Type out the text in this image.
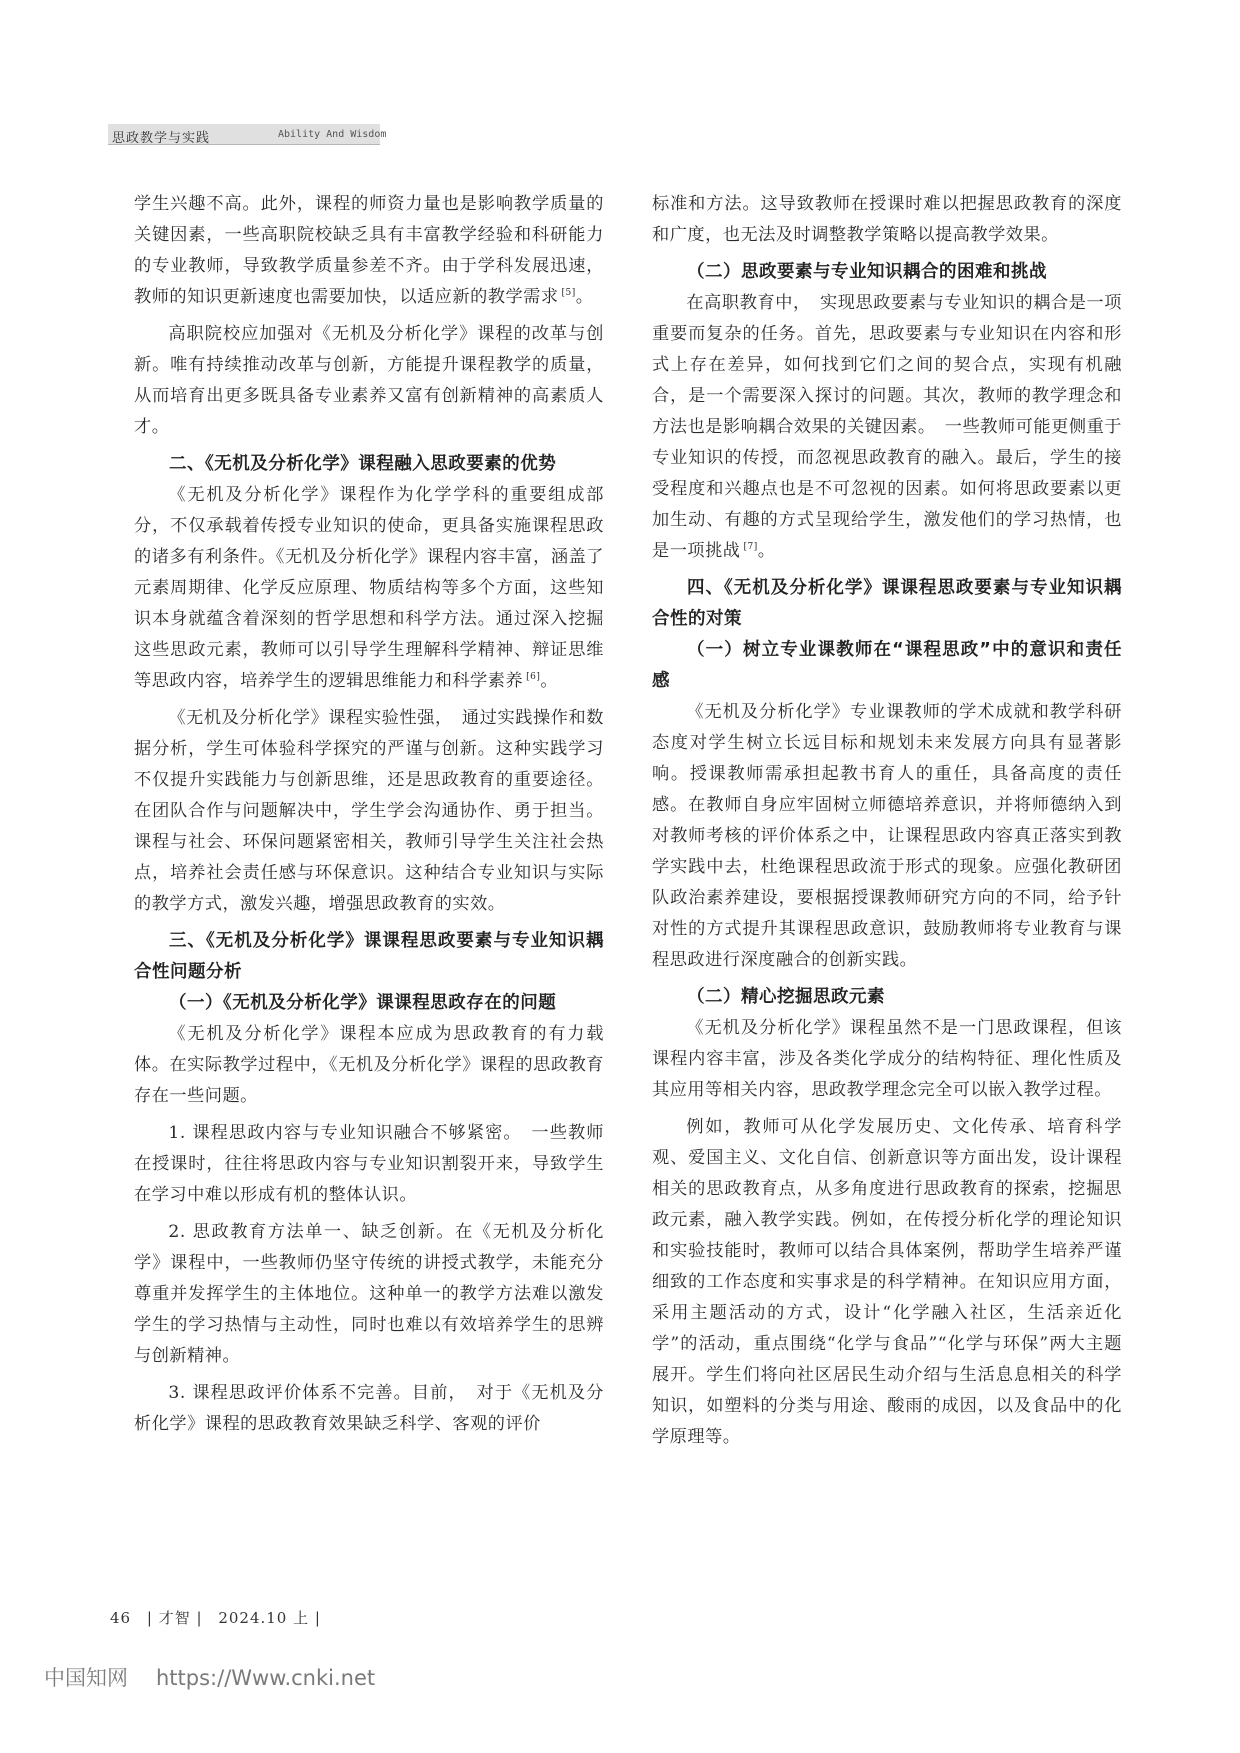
思政教学与实践	Ability And Wisdom

学生兴趣不高。此外，课程的师资力量也是影响教学质量的关键因素，一些高职院校缺乏具有丰富教学经验和科研能力的专业教师，导致教学质量参差不齐。由于学科发展迅速，教师的知识更新速度也需要加快，以适应新的教学需求 [5]。

高职院校应加强对《无机及分析化学》课程的改革与创新。唯有持续推动改革与创新，方能提升课程教学的质量，从而培育出更多既具备专业素养又富有创新精神的高素质人才。

二、《无机及分析化学》课程融入思政要素的优势

《无机及分析化学》课程作为化学学科的重要组成部分，不仅承载着传授专业知识的使命，更具备实施课程思政的诸多有利条件。《无机及分析化学》课程内容丰富，涵盖了元素周期律、化学反应原理、物质结构等多个方面，这些知识本身就蕴含着深刻的哲学思想和科学方法。通过深入挖掘这些思政元素，教师可以引导学生理解科学精神、辩证思维等思政内容，培养学生的逻辑思维能力和科学素养 [6]。

《无机及分析化学》课程实验性强，　通过实践操作和数据分析，学生可体验科学探究的严谨与创新。这种实践学习不仅提升实践能力与创新思维，还是思政教育的重要途径。在团队合作与问题解决中，学生学会沟通协作、勇于担当。课程与社会、环保问题紧密相关，教师引导学生关注社会热点，培养社会责任感与环保意识。这种结合专业知识与实际的教学方式，激发兴趣，增强思政教育的实效。

三、《无机及分析化学》课课程思政要素与专业知识耦合性问题分析
（一）《无机及分析化学》课课程思政存在的问题

《无机及分析化学》课程本应成为思政教育的有力载体。在实际教学过程中，《无机及分析化学》课程的思政教育存在一些问题。

1. 课程思政内容与专业知识融合不够紧密。　一些教师在授课时，往往将思政内容与专业知识割裂开来，导致学生在学习中难以形成有机的整体认识。

2. 思政教育方法单一、缺乏创新。在《无机及分析化学》课程中，一些教师仍坚守传统的讲授式教学，未能充分尊重并发挥学生的主体地位。这种单一的教学方法难以激发学生的学习热情与主动性，同时也难以有效培养学生的思辨与创新精神。

3. 课程思政评价体系不完善。目前，　对于《无机及分析化学》课程的思政教育效果缺乏科学、客观的评价

标准和方法。这导致教师在授课时难以把握思政教育的深度和广度，也无法及时调整教学策略以提高教学效果。

（二）思政要素与专业知识耦合的困难和挑战

在高职教育中，　实现思政要素与专业知识的耦合是一项重要而复杂的任务。首先，思政要素与专业知识在内容和形式上存在差异，如何找到它们之间的契合点，实现有机融合，是一个需要深入探讨的问题。其次，教师的教学理念和方法也是影响耦合效果的关键因素。　一些教师可能更侧重于专业知识的传授，而忽视思政教育的融入。最后，学生的接受程度和兴趣点也是不可忽视的因素。如何将思政要素以更加生动、有趣的方式呈现给学生，激发他们的学习热情，也是一项挑战 [7]。

四、《无机及分析化学》课课程思政要素与专业知识耦合性的对策
（一）树立专业课教师在“课程思政”中的意识和责任感

《无机及分析化学》专业课教师的学术成就和教学科研态度对学生树立长远目标和规划未来发展方向具有显著影响。授课教师需承担起教书育人的重任，具备高度的责任感。在教师自身应牢固树立师德培养意识，并将师德纳入到对教师考核的评价体系之中，让课程思政内容真正落实到教学实践中去，杜绝课程思政流于形式的现象。应强化教研团队政治素养建设，要根据授课教师研究方向的不同，给予针对性的方式提升其课程思政意识，鼓励教师将专业教育与课程思政进行深度融合的创新实践。

（二）精心挖掘思政元素

《无机及分析化学》课程虽然不是一门思政课程，但该课程内容丰富，涉及各类化学成分的结构特征、理化性质及其应用等相关内容，思政教学理念完全可以嵌入教学过程。

例如，教师可从化学发展历史、文化传承、培育科学观、爱国主义、文化自信、创新意识等方面出发，设计课程相关的思政教育点，从多角度进行思政教育的探索，挖掘思政元素，融入教学实践。例如，在传授分析化学的理论知识和实验技能时，教师可以结合具体案例，帮助学生培养严谨细致的工作态度和实事求是的科学精神。在知识应用方面，采用主题活动的方式，设计“化学融入社区，生活亲近化学”的活动，重点围绕“化学与食品”“化学与环保”两大主题展开。学生们将向社区居民生动介绍与生活息息相关的科学知识，如塑料的分类与用途、酸雨的成因，以及食品中的化学原理等。

46 | 才智 | 2024.10 上 |
中国知网 https://Www.cnki.net
